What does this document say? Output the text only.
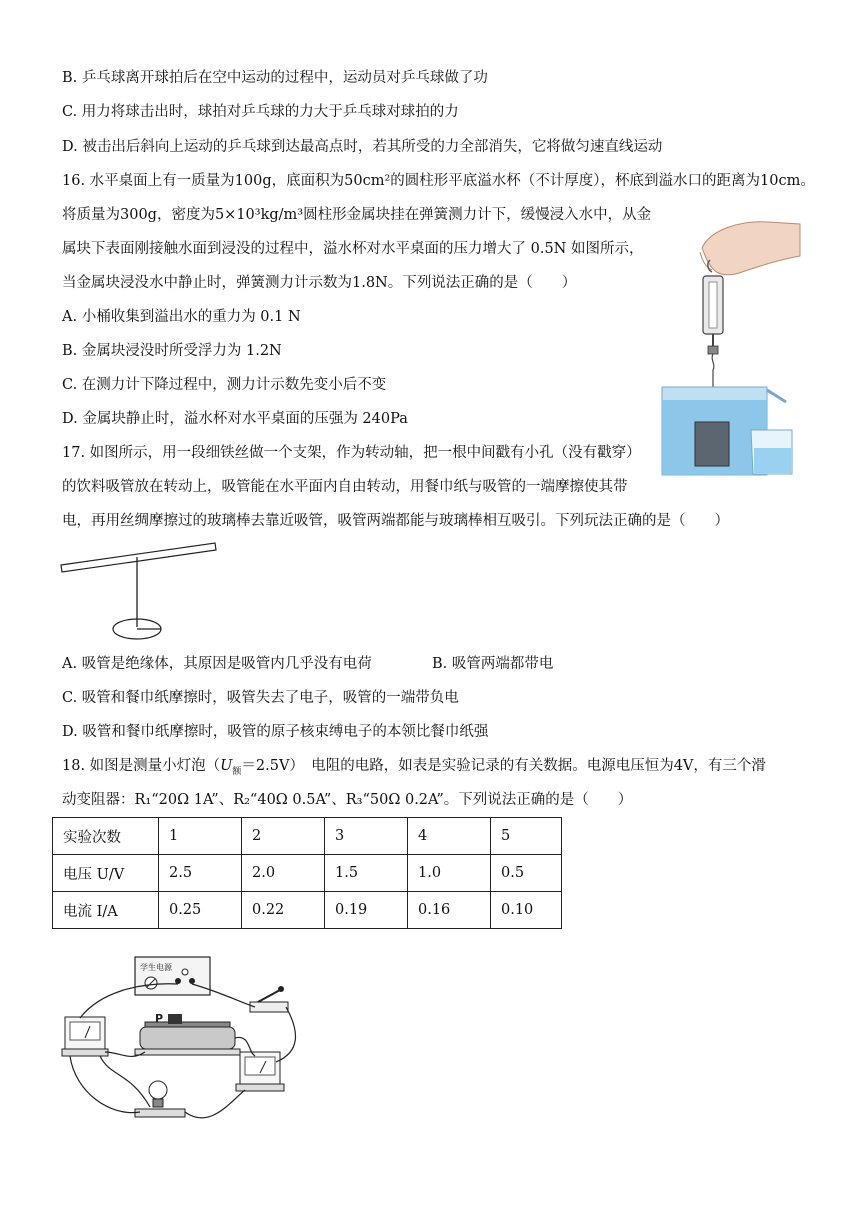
B. 乒乓球离开球拍后在空中运动的过程中，运动员对乒乓球做了功
C. 用力将球击出时，球拍对乒乓球的力大于乒乓球对球拍的力
D. 被击出后斜向上运动的乒乓球到达最高点时，若其所受的力全部消失，它将做匀速直线运动
16. 水平桌面上有一质量为100g，底面积为50cm²的圆柱形平底溢水杯（不计厚度），杯底到溢水口的距离为10cm。
将质量为300g，密度为5×10³kg/m³圆柱形金属块挂在弹簧测力计下，缓慢浸入水中，从金
属块下表面刚接触水面到浸没的过程中，溢水杯对水平桌面的压力增大了 0.5N 如图所示，
当金属块浸没水中静止时，弹簧测力计示数为1.8N。下列说法正确的是（　　）
A. 小桶收集到溢出水的重力为 0.1 N
B. 金属块浸没时所受浮力为 1.2N
C. 在测力计下降过程中，测力计示数先变小后不变
D. 金属块静止时，溢水杯对水平桌面的压强为 240Pa
17. 如图所示，用一段细铁丝做一个支架，作为转动轴，把一根中间戳有小孔（没有戳穿）
的饮料吸管放在转动上，吸管能在水平面内自由转动，用餐巾纸与吸管的一端摩擦使其带
电，再用丝绸摩擦过的玻璃棒去靠近吸管，吸管两端都能与玻璃棒相互吸引。下列玩法正确的是（　　）
A. 吸管是绝缘体，其原因是吸管内几乎没有电荷	B. 吸管两端都带电
C. 吸管和餐巾纸摩擦时，吸管失去了电子，吸管的一端带负电
D. 吸管和餐巾纸摩擦时，吸管的原子核束缚电子的本领比餐巾纸强
18. 如图是测量小灯泡$(U_额=2.5V)$　电阻的电路，如表是实验记录的有关数据。电源电压恒为4V，有三个滑
动变阻器：R₁“20Ω 1A”、R₂“40Ω 0.5A”、R₃“50Ω 0.2A”。下列说法正确的是（　　）
实验次数	1	2	3	4	5
电压 U/V	2.5	2.0	1.5	1.0	0.5
电流 I/A	0.25	0.22	0.19	0.16	0.10
学生电源
P
